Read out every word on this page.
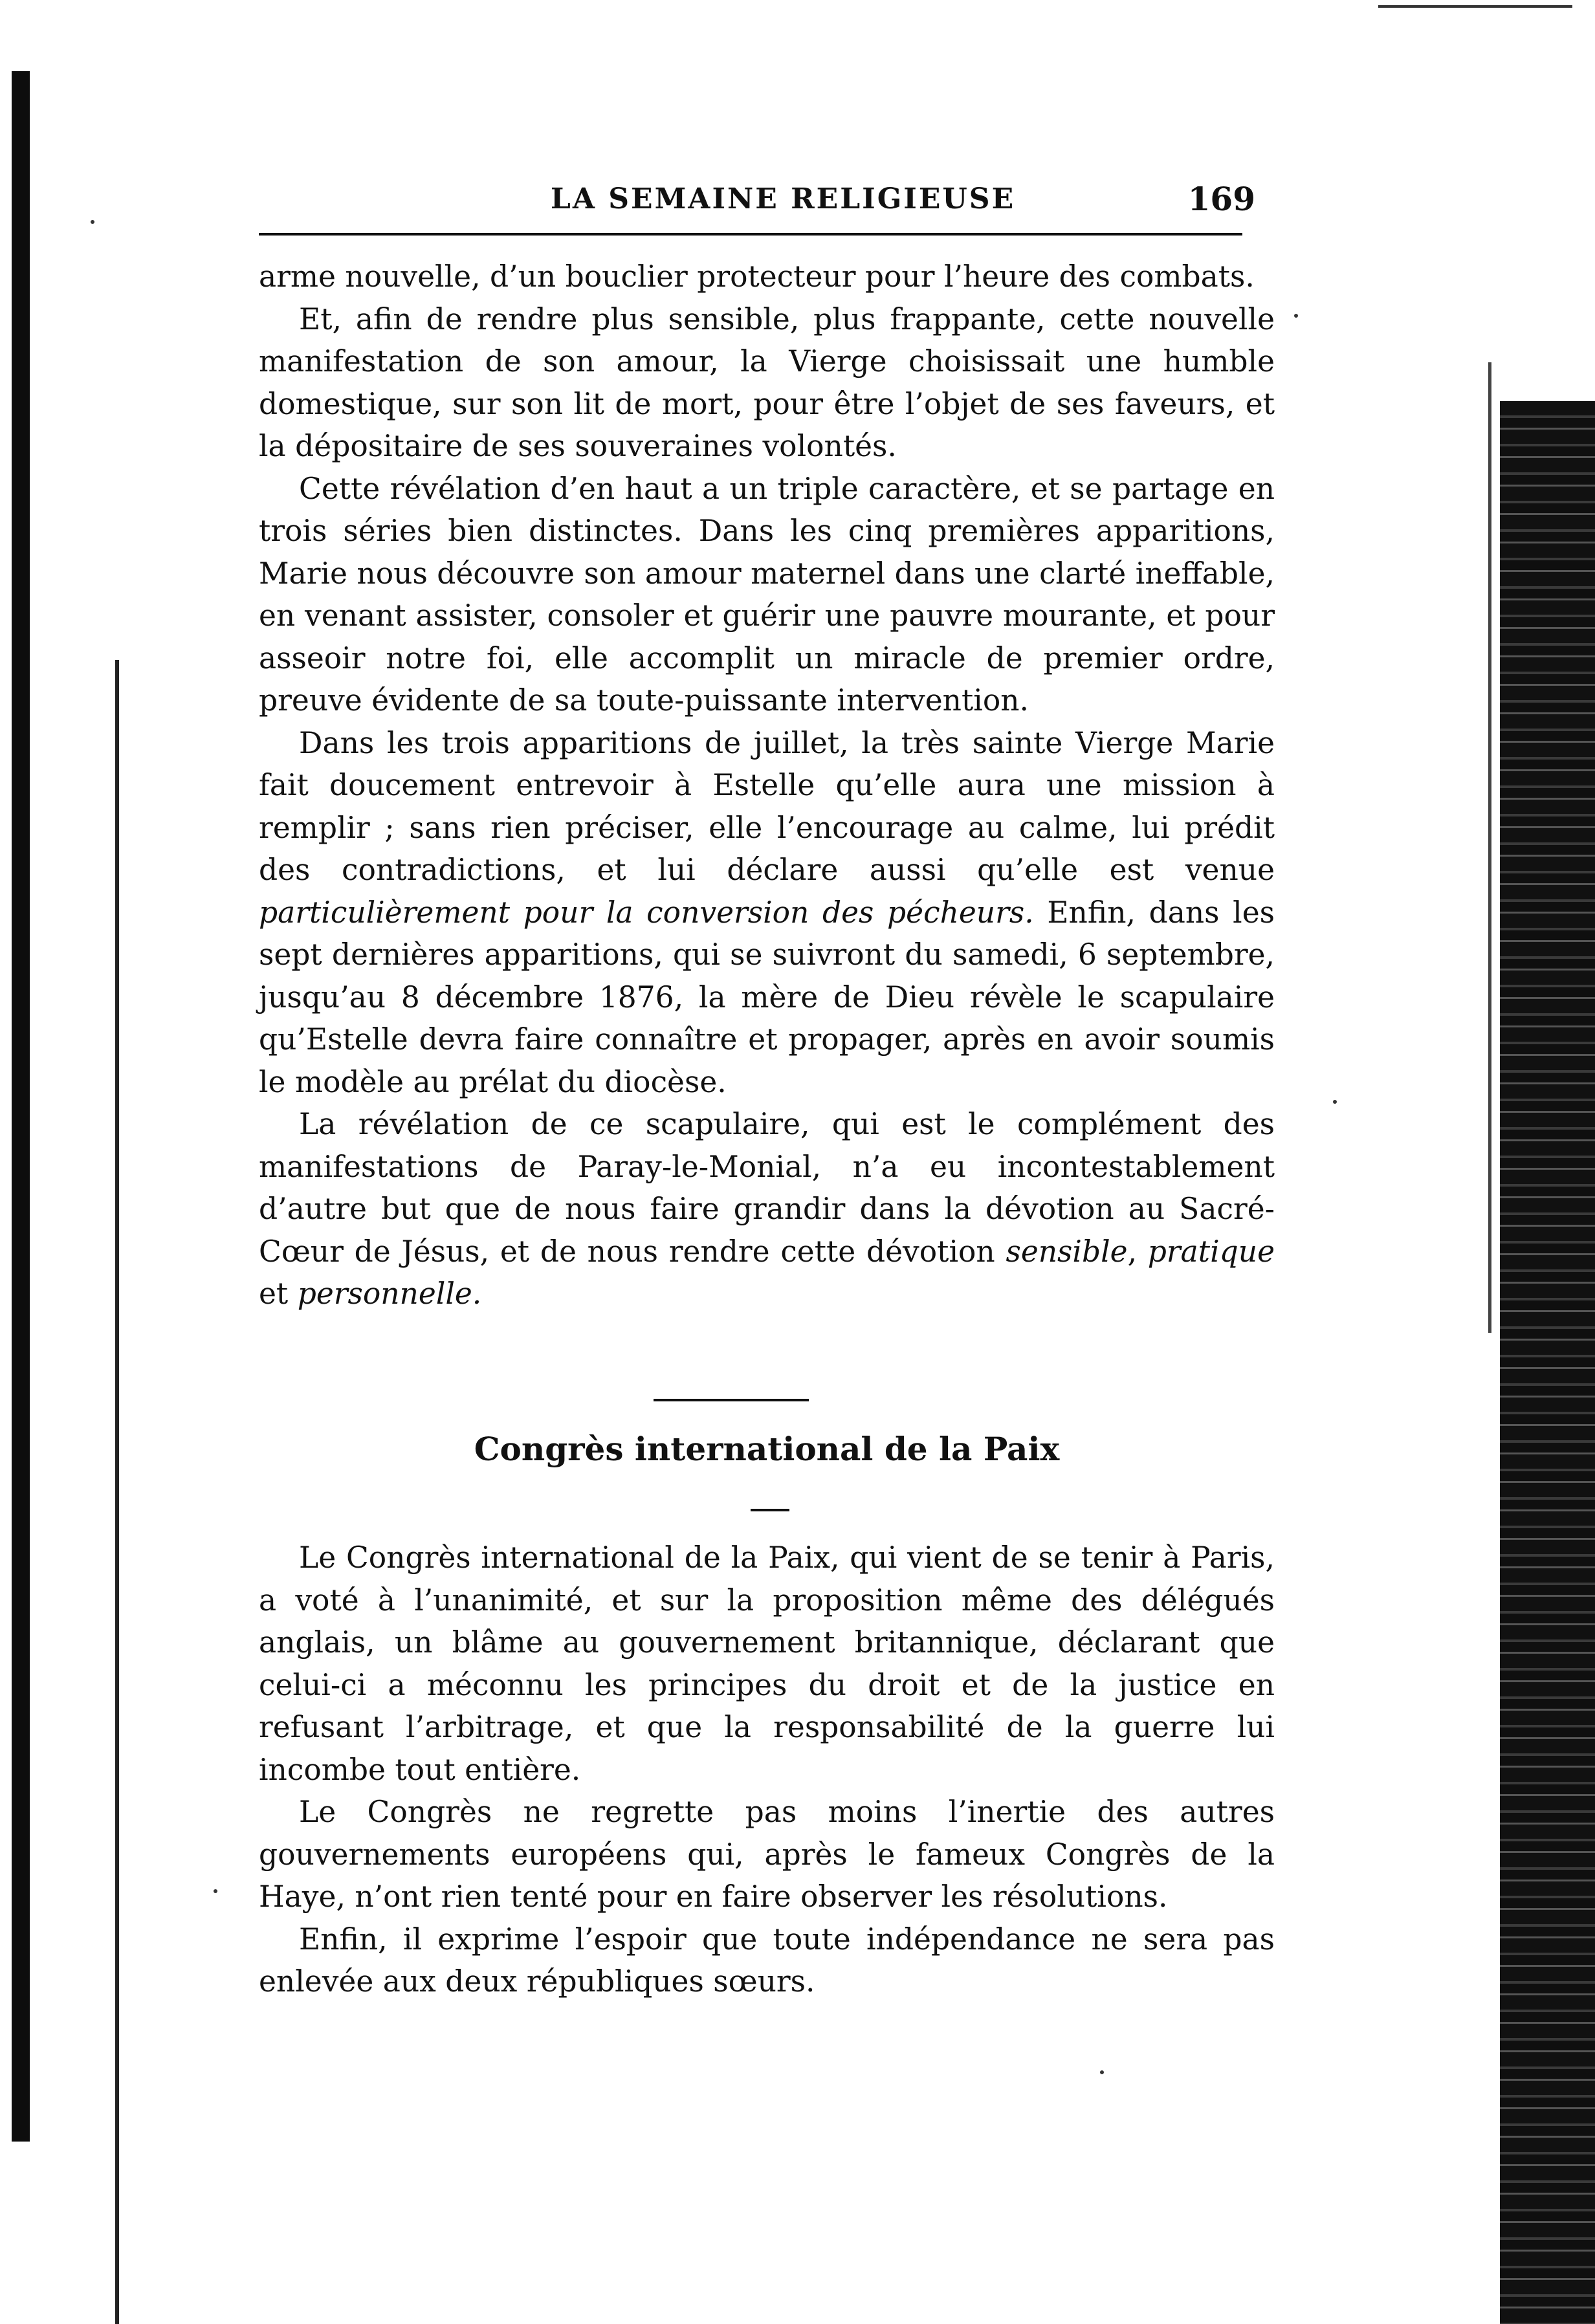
LA SEMAINE RELIGIEUSE	169

arme nouvelle, d’un bouclier protecteur pour l’heure des combats.

Et, afin de rendre plus sensible, plus frappante, cette nouvelle manifestation de son amour, la Vierge choisissait une humble domestique, sur son lit de mort, pour être l’objet de ses faveurs, et la dépositaire de ses souveraines volontés.

Cette révélation d’en haut a un triple caractère, et se partage en trois séries bien distinctes. Dans les cinq premières apparitions, Marie nous découvre son amour maternel dans une clarté ineffable, en venant assister, consoler et guérir une pauvre mourante, et pour asseoir notre foi, elle accomplit un miracle de premier ordre, preuve évidente de sa toute-puissante intervention.

Dans les trois apparitions de juillet, la très sainte Vierge Marie fait doucement entrevoir à Estelle qu’elle aura une mission à remplir ; sans rien préciser, elle l’encourage au calme, lui prédit des contradictions, et lui déclare aussi qu’elle est venue particulièrement pour la conversion des pécheurs. Enfin, dans les sept dernières apparitions, qui se suivront du samedi, 6 septembre, jusqu’au 8 décembre 1876, la mère de Dieu révèle le scapulaire qu’Estelle devra faire connaître et propager, après en avoir soumis le modèle au prélat du diocèse.

La révélation de ce scapulaire, qui est le complément des manifestations de Paray-le-Monial, n’a eu incontestablement d’autre but que de nous faire grandir dans la dévotion au Sacré-Cœur de Jésus, et de nous rendre cette dévotion sensible, pratique et personnelle.

Congrès international de la Paix

Le Congrès international de la Paix, qui vient de se tenir à Paris, a voté à l’unanimité, et sur la proposition même des délégués anglais, un blâme au gouvernement britannique, déclarant que celui-ci a méconnu les principes du droit et de la justice en refusant l’arbitrage, et que la responsabilité de la guerre lui incombe tout entière.

Le Congrès ne regrette pas moins l’inertie des autres gouvernements européens qui, après le fameux Congrès de la Haye, n’ont rien tenté pour en faire observer les résolutions.

Enfin, il exprime l’espoir que toute indépendance ne sera pas enlevée aux deux républiques sœurs.
